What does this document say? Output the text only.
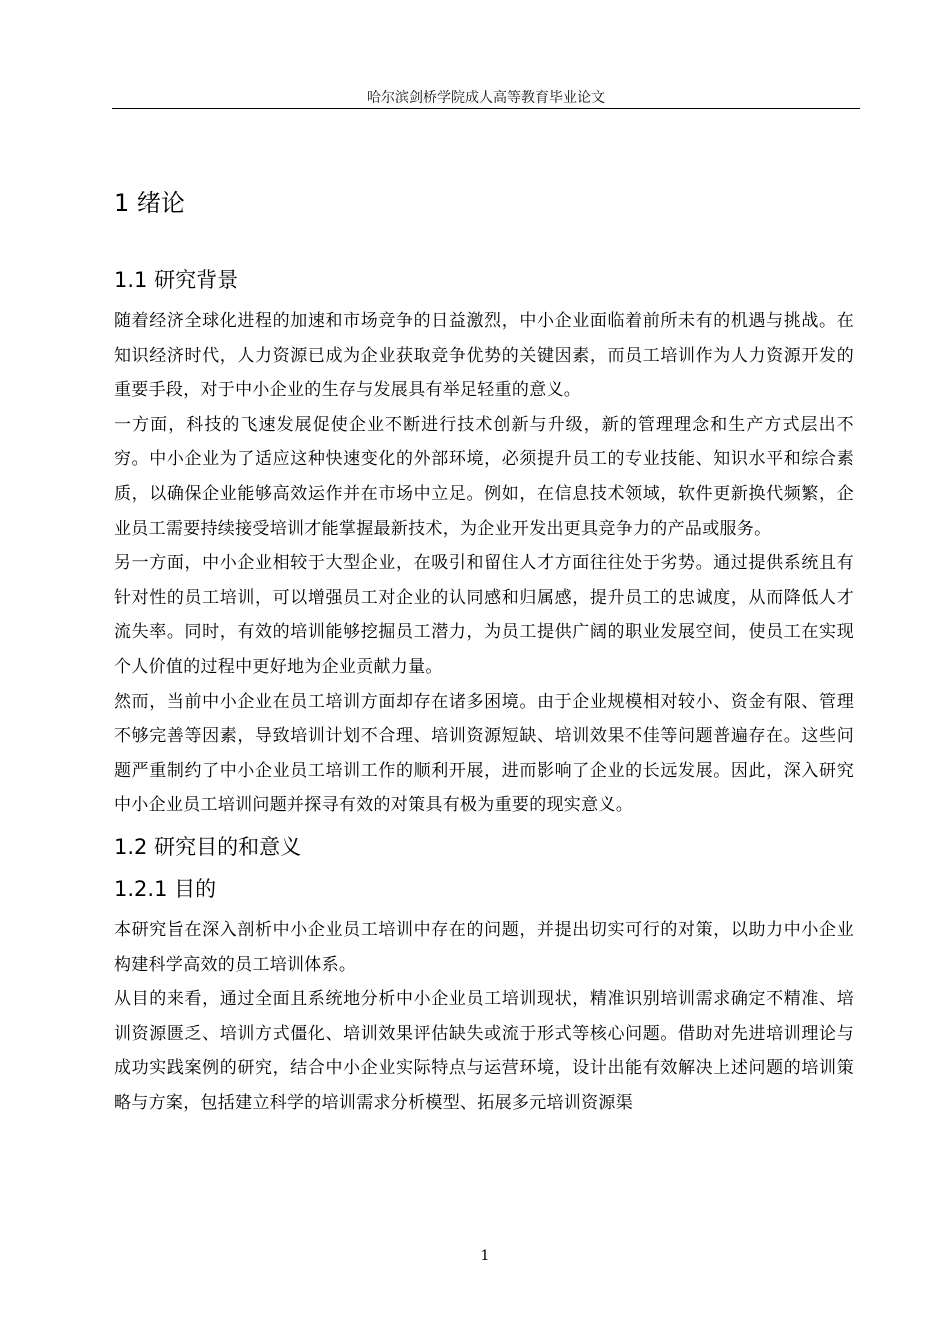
哈尔滨剑桥学院成人高等教育毕业论文
1 绪论
1.1 研究背景

随着经济全球化进程的加速和市场竞争的日益激烈，中小企业面临着前所未有的机遇与挑战。在知识经济时代，人力资源已成为企业获取竞争优势的关键因素，而员工培训作为人力资源开发的重要手段，对于中小企业的生存与发展具有举足轻重的意义。

一方面，科技的飞速发展促使企业不断进行技术创新与升级，新的管理理念和生产方式层出不穷。中小企业为了适应这种快速变化的外部环境，必须提升员工的专业技能、知识水平和综合素质，以确保企业能够高效运作并在市场中立足。例如，在信息技术领域，软件更新换代频繁，企业员工需要持续接受培训才能掌握最新技术，为企业开发出更具竞争力的产品或服务。

另一方面，中小企业相较于大型企业，在吸引和留住人才方面往往处于劣势。通过提供系统且有针对性的员工培训，可以增强员工对企业的认同感和归属感，提升员工的忠诚度，从而降低人才流失率。同时，有效的培训能够挖掘员工潜力，为员工提供广阔的职业发展空间，使员工在实现个人价值的过程中更好地为企业贡献力量。

然而，当前中小企业在员工培训方面却存在诸多困境。由于企业规模相对较小、资金有限、管理不够完善等因素，导致培训计划不合理、培训资源短缺、培训效果不佳等问题普遍存在。这些问题严重制约了中小企业员工培训工作的顺利开展，进而影响了企业的长远发展。因此，深入研究中小企业员工培训问题并探寻有效的对策具有极为重要的现实意义。

1.2 研究目的和意义
1.2.1 目的

本研究旨在深入剖析中小企业员工培训中存在的问题，并提出切实可行的对策，以助力中小企业构建科学高效的员工培训体系。

从目的来看，通过全面且系统地分析中小企业员工培训现状，精准识别培训需求确定不精准、培训资源匮乏、培训方式僵化、培训效果评估缺失或流于形式等核心问题。借助对先进培训理论与成功实践案例的研究，结合中小企业实际特点与运营环境，设计出能有效解决上述问题的培训策略与方案，包括建立科学的培训需求分析模型、拓展多元培训资源渠

1
